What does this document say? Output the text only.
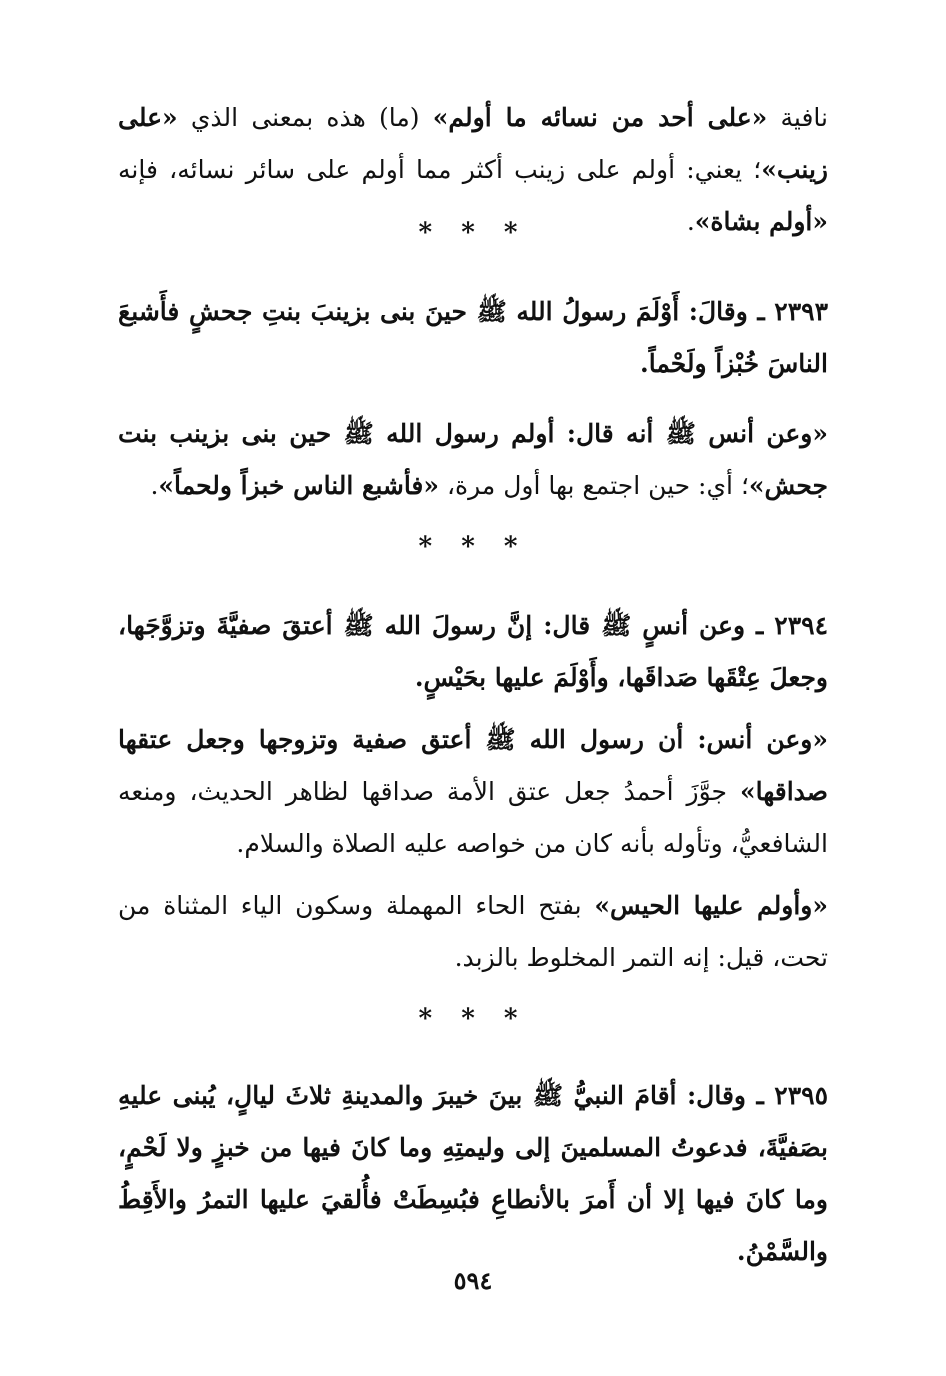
نافية «على أحد من نسائه ما أولم» (ما) هذه بمعنى الذي «على زينب»؛ يعني: أولم على زينب أكثر مما أولم على سائر نسائه، فإنه «أولم بشاة».

* * *

٢٣٩٣ ـ وقالَ: أَوْلَمَ رسولُ الله ﷺ حينَ بنى بزينبَ بنتِ جحشٍ فأَشبعَ الناسَ خُبْزاً ولَحْماً.

«وعن أنس ﷺ أنه قال: أولم رسول الله ﷺ حين بنى بزينب بنت جحش»؛ أي: حين اجتمع بها أول مرة، «فأشبع الناس خبزاً ولحماً».

* * *

٢٣٩٤ ـ وعن أنسٍ ﷺ قال: إنَّ رسولَ الله ﷺ أعتقَ صفيَّةَ وتزوَّجَها، وجعلَ عِتْقَها صَداقَها، وأَوْلَمَ عليها بحَيْسٍ.

«وعن أنس: أن رسول الله ﷺ أعتق صفية وتزوجها وجعل عتقها صداقها» جوَّزَ أحمدُ جعل عتق الأمة صداقها لظاهر الحديث، ومنعه الشافعيُّ، وتأوله بأنه كان من خواصه عليه الصلاة والسلام.

«وأولم عليها الحيس» بفتح الحاء المهملة وسكون الياء المثناة من تحت، قيل: إنه التمر المخلوط بالزبد.

* * *

٢٣٩٥ ـ وقال: أقامَ النبيُّ ﷺ بينَ خيبرَ والمدينةِ ثلاثَ ليالٍ، يُبنى عليهِ بصَفيَّةَ، فدعوتُ المسلمينَ إلى وليمتِهِ وما كانَ فيها من خبزٍ ولا لَحْمٍ، وما كانَ فيها إلا أن أَمرَ بالأنطاعِ فبُسِطَتْ فأُلقيَ عليها التمرُ والأَقِطُ والسَّمْنُ.

٥٩٤
